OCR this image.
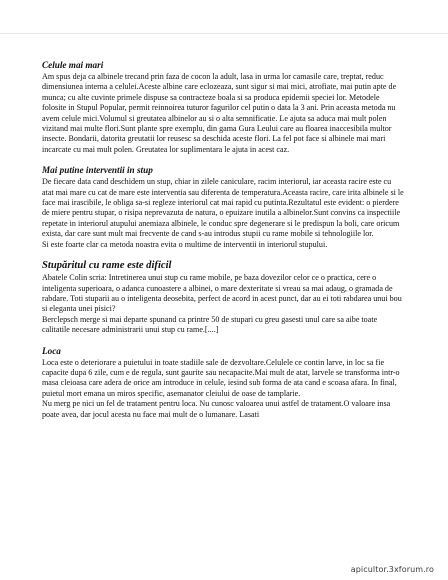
Celule mai mari

Am spus deja ca albinele trecand prin faza de cocon la adult, lasa in urma lor camasile care, treptat, reduc dimensiunea interna a celulei.Aceste albine care eclozeaza, sunt sigur si mai mici, atrofiate, mai putin apte de munca; cu alte cuvinte primele dispuse sa contracteze boala si sa produca epidemii speciei lor. Metodele folosite in Stupul Popular, permit reinnoirea tuturor fagurilor cel putin o data la 3 ani. Prin aceasta metoda nu avem celule mici.Volumul si greutatea albinelor au si o alta semnificatie. Le ajuta sa aduca mai mult polen vizitand mai multe flori.Sunt plante spre exemplu, din gama Gura Leului care au floarea inaccesibila multor insecte. Bondarii, datorita greutatii lor reusesc sa deschida aceste flori. La fel pot face si albinele mai mari incarcate cu mai mult polen. Greutatea lor suplimentara le ajuta in acest caz.

Mai putine interventii in stup

De fiecare data cand deschidem un stup, chiar in zilele caniculare, racim interiorul, iar aceasta racire este cu atat mai mare cu cat de mare este interventia sau diferenta de temperatura.Aceasta racire, care irita albinele si le face mai irascibile, le obliga sa-si regleze interiorul cat mai rapid cu putinta.Rezultatul este evident: o pierdere de miere pentru stupar, o risipa neprevazuta de natura, o epuizare inutila a albinelor.Sunt convins ca inspectiile repetate in interiorul atupului anemiaza albinele, le conduc spre degenerare si le predispun la boli, care oricum exista, dar care sunt mult mai frecvente de cand s-au introdus stupii cu rame mobile si tehnologiile lor.

Si este foarte clar ca metoda noastra evita o multime de interventii in interiorul stupului.

Stupăritul cu rame este dificil

Abatele Colin scria: Intretinerea unui stup cu rame mobile, pe baza dovezilor celor ce o practica, cere o inteligenta superioara, o adanca cunoastere a albinei, o mare dexteritate si vreau sa mai adaug, o gramada de rabdare. Toti stuparii au o inteligenta deosebita, perfect de acord in acest punct, dar au ei toti rabdarea unui bou si eleganta unei pisici?

Berclepsch merge si mai departe spunand ca printre 50 de stupari cu greu gasesti unul care sa aibe toate calitatile necesare administrarii unui stup cu rame.[....]

Loca

Loca este o deteriorare a puietului in toate stadiile sale de dezvoltare.Celulele ce contin larve, in loc sa fie capacite dupa 6 zile, cum e de regula, sunt gaurite sau necapacite.Mai mult de atat, larvele se transforma intr-o masa cleioasa care adera de orice am introduce in celule, iesind sub forma de ata cand e scoasa afara. In final, puietul mort emana un miros specific, asemanator cleiului de oase de tamplarie.

Nu merg pe nici un fel de tratament pentru loca. Nu cunosc valoarea unui astfel de tratament.O valoare insa poate avea, dar jocul acesta nu face mai mult de o lumanare. Lasati

apicultor.3xforum.ro
